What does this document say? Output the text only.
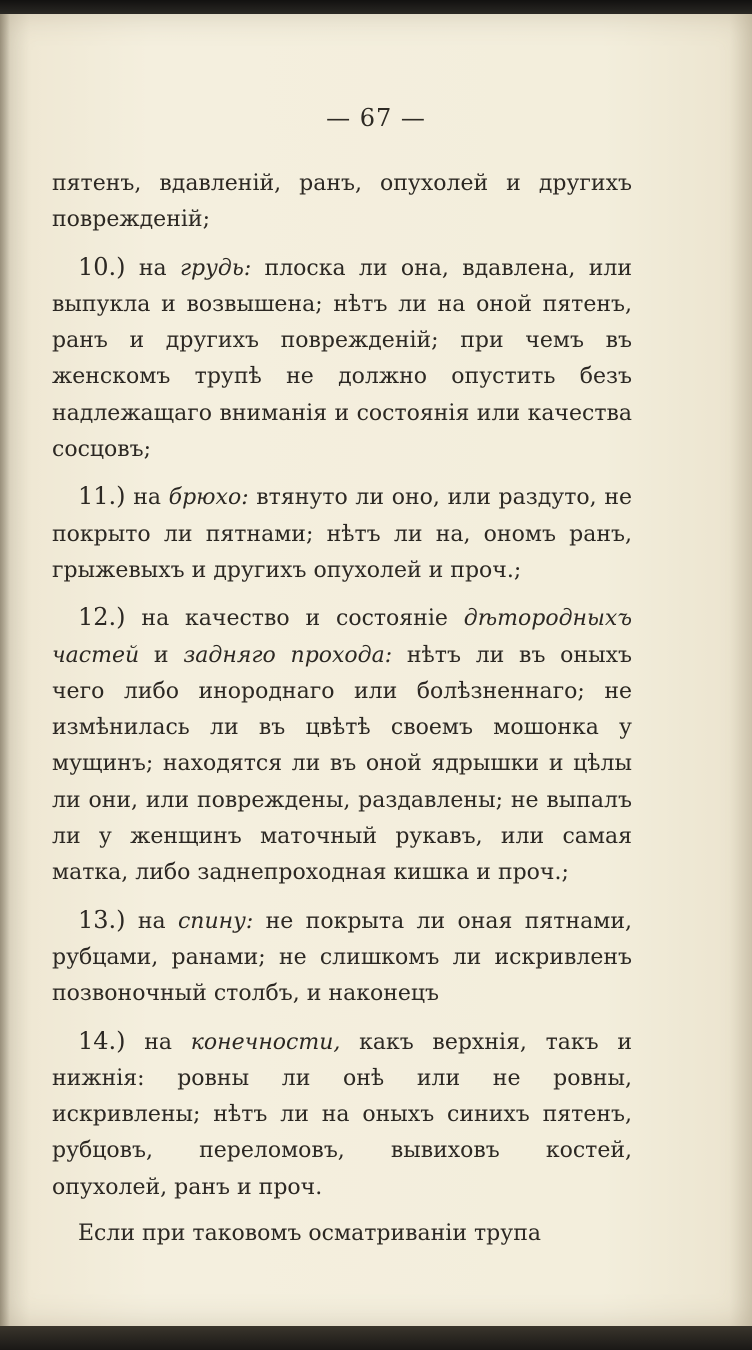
— 67 —

пятенъ, вдавленiй, ранъ, опухолей и другихъ поврежденiй;

10.) на грудь: плоска ли она, вдавлена, или выпукла и возвышена; нѣтъ ли на оной пятенъ, ранъ и другихъ поврежденiй; при чемъ въ женскомъ трупѣ не должно опустить безъ надлежащаго вниманiя и состоянiя или качества сосцовъ;

11.) на брюхо: втянуто ли оно, или раздуто, не покрыто ли пятнами; нѣтъ ли на, ономъ ранъ, грыжевыхъ и другихъ опухолей и проч.;

12.) на качество и состоянiе дѣтородныхъ частей и задняго прохода: нѣтъ ли въ оныхъ чего либо инороднаго или болѣзненнаго; не измѣнилась ли въ цвѣтѣ своемъ мошонка у мущинъ; находятся ли въ оной ядрышки и цѣлы ли они, или повреждены, раздавлены; не выпалъ ли у женщинъ маточный рукавъ, или самая матка, либо заднепроходная кишка и проч.;

13.) на спину: не покрыта ли оная пятнами, рубцами, ранами; не слишкомъ ли искривленъ позвоночный столбъ, и наконецъ

14.) на конечности, какъ верхнiя, такъ и нижнiя: ровны ли онѣ или не ровны, искривлены; нѣтъ ли на оныхъ синихъ пятенъ, рубцовъ, переломовъ, вывиховъ костей, опухолей, ранъ и проч.

Если при таковомъ осматриванiи трупа
